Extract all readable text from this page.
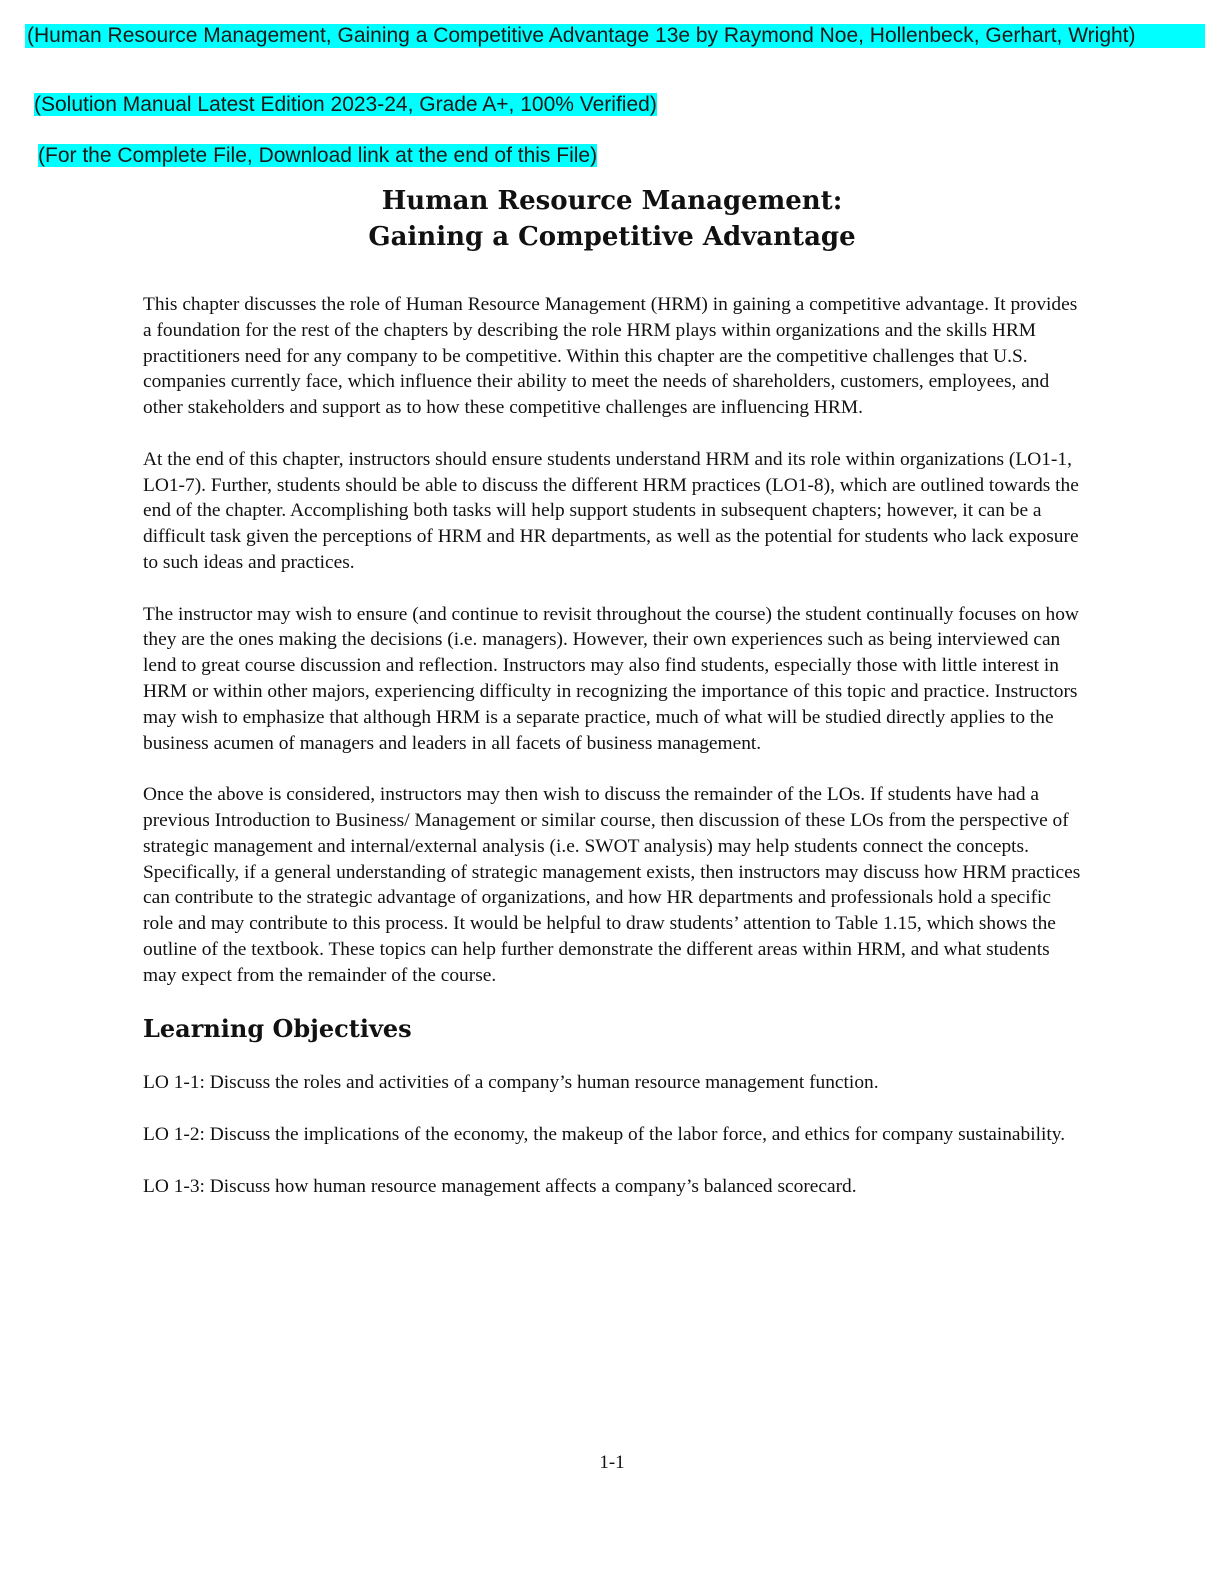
(Human Resource Management, Gaining a Competitive Advantage 13e by Raymond Noe, Hollenbeck, Gerhart, Wright)
(Solution Manual Latest Edition 2023-24, Grade A+, 100% Verified)
(For the Complete File, Download link at the end of this File)
Human Resource Management:
Gaining a Competitive Advantage

This chapter discusses the role of Human Resource Management (HRM) in gaining a competitive advantage. It provides a foundation for the rest of the chapters by describing the role HRM plays within organizations and the skills HRM practitioners need for any company to be competitive. Within this chapter are the competitive challenges that U.S. companies currently face, which influence their ability to meet the needs of shareholders, customers, employees, and other stakeholders and support as to how these competitive challenges are influencing HRM.

At the end of this chapter, instructors should ensure students understand HRM and its role within organizations (LO1-1, LO1-7). Further, students should be able to discuss the different HRM practices (LO1-8), which are outlined towards the end of the chapter. Accomplishing both tasks will help support students in subsequent chapters; however, it can be a difficult task given the perceptions of HRM and HR departments, as well as the potential for students who lack exposure to such ideas and practices.

The instructor may wish to ensure (and continue to revisit throughout the course) the student continually focuses on how they are the ones making the decisions (i.e. managers). However, their own experiences such as being interviewed can lend to great course discussion and reflection. Instructors may also find students, especially those with little interest in HRM or within other majors, experiencing difficulty in recognizing the importance of this topic and practice. Instructors may wish to emphasize that although HRM is a separate practice, much of what will be studied directly applies to the business acumen of managers and leaders in all facets of business management.

Once the above is considered, instructors may then wish to discuss the remainder of the LOs. If students have had a previous Introduction to Business/ Management or similar course, then discussion of these LOs from the perspective of strategic management and internal/external analysis (i.e. SWOT analysis) may help students connect the concepts. Specifically, if a general understanding of strategic management exists, then instructors may discuss how HRM practices can contribute to the strategic advantage of organizations, and how HR departments and professionals hold a specific role and may contribute to this process. It would be helpful to draw students’ attention to Table 1.15, which shows the outline of the textbook. These topics can help further demonstrate the different areas within HRM, and what students may expect from the remainder of the course.

Learning Objectives

LO 1-1: Discuss the roles and activities of a company’s human resource management function.

LO 1-2: Discuss the implications of the economy, the makeup of the labor force, and ethics for company sustainability.

LO 1-3: Discuss how human resource management affects a company’s balanced scorecard.

1-1
